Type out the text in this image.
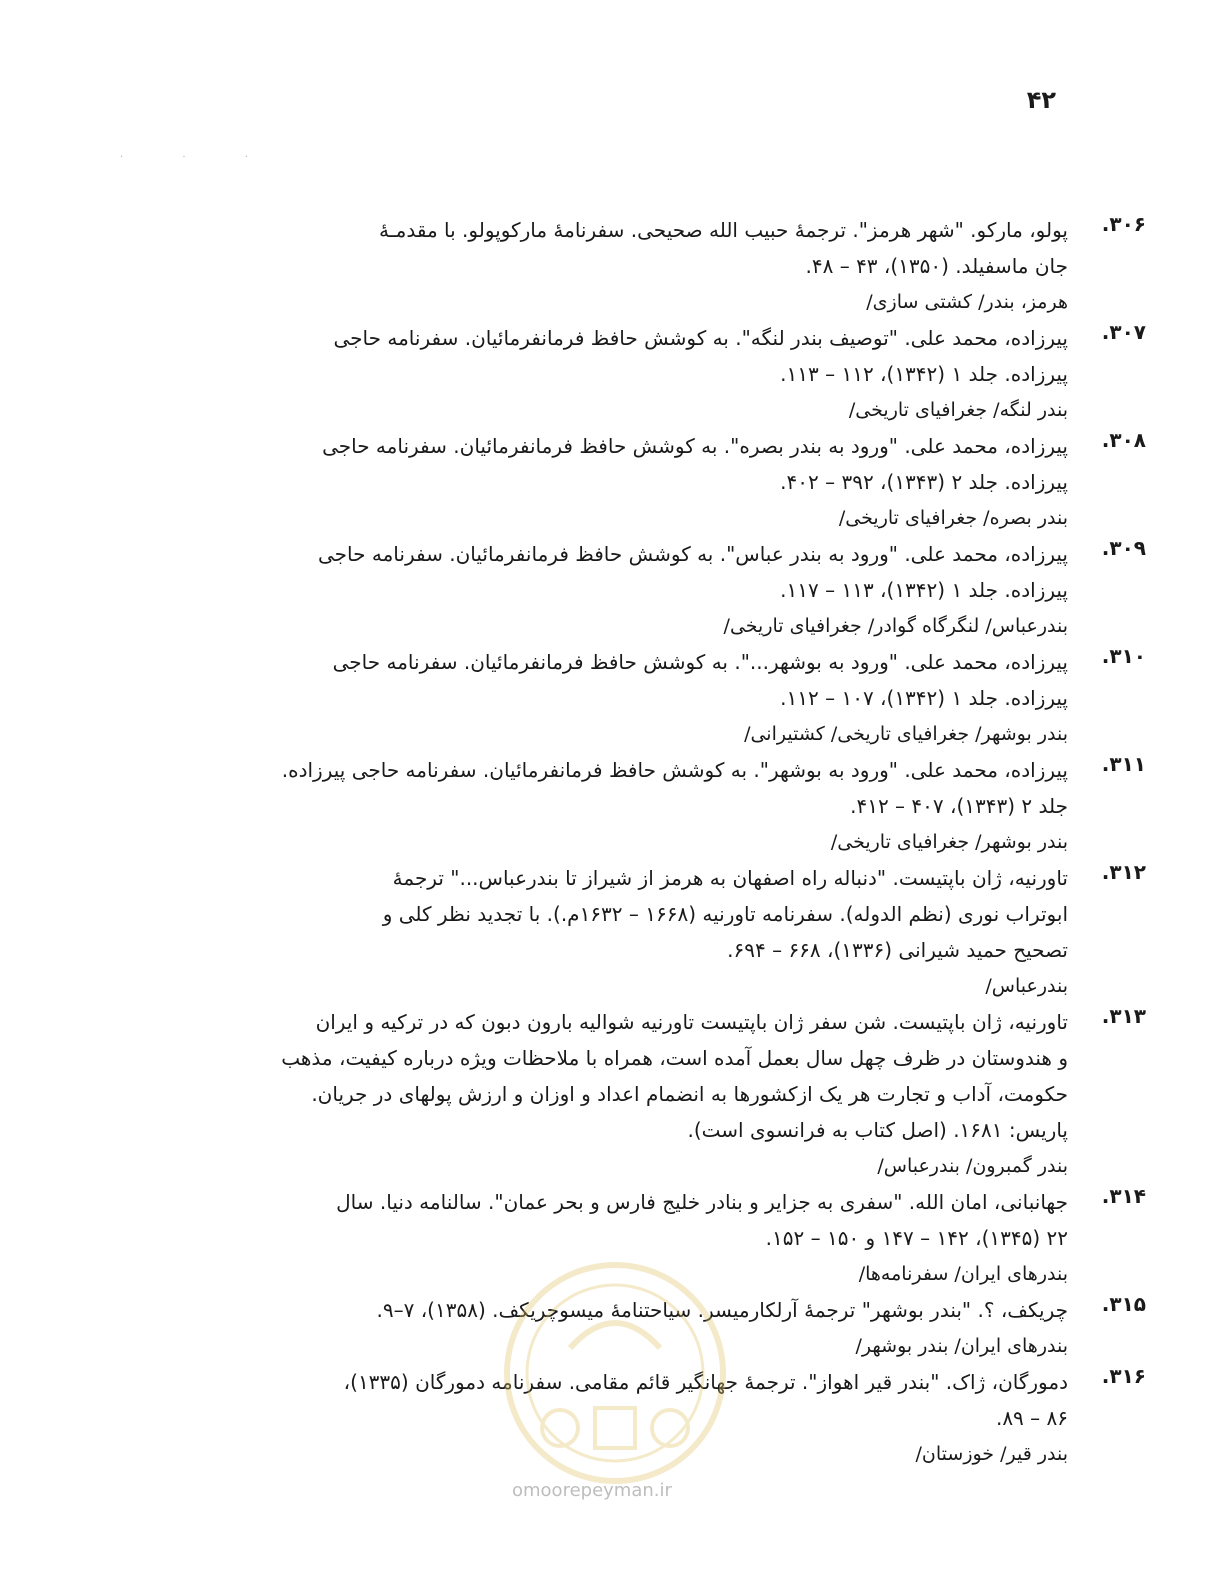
۴۲
· · ·
۳۰۶.
پولو، مارکو. "شهر هرمز". ترجمهٔ حبیب الله صحیحی. سفرنامهٔ مارکوپولو. با مقدمـهٔ
جان ماسفیلد. (۱۳۵۰)، ۴۳ – ۴۸.
هرمز، بندر/ کشتی سازی/
۳۰۷.
پیرزاده، محمد علی. "توصیف بندر لنگه". به کوشش حافظ فرمانفرمائیان. سفرنامه حاجی
پیرزاده. جلد ۱ (۱۳۴۲)، ۱۱۲ – ۱۱۳.
بندر لنگه/ جغرافیای تاریخی/
۳۰۸.
پیرزاده، محمد علی. "ورود به بندر بصره". به کوشش حافظ فرمانفرمائیان. سفرنامه حاجی
پیرزاده. جلد ۲ (۱۳۴۳)، ۳۹۲ – ۴۰۲.
بندر بصره/ جغرافیای تاریخی/
۳۰۹.
پیرزاده، محمد علی. "ورود به بندر عباس". به کوشش حافظ فرمانفرمائیان. سفرنامه حاجی
پیرزاده. جلد ۱ (۱۳۴۲)، ۱۱۳ – ۱۱۷.
بندرعباس/ لنگرگاه گوادر/ جغرافیای تاریخی/
۳۱۰.
پیرزاده، محمد علی. "ورود به بوشهر...". به کوشش حافظ فرمانفرمائیان. سفرنامه حاجی
پیرزاده. جلد ۱ (۱۳۴۲)، ۱۰۷ – ۱۱۲.
بندر بوشهر/ جغرافیای تاریخی/ کشتیرانی/
۳۱۱.
پیرزاده، محمد علی. "ورود به بوشهر". به کوشش حافظ فرمانفرمائیان. سفرنامه حاجی پیرزاده.
جلد ۲ (۱۳۴۳)، ۴۰۷ – ۴۱۲.
بندر بوشهر/ جغرافیای تاریخی/
۳۱۲.
تاورنیه، ژان باپتیست. "دنباله راه اصفهان به هرمز از شیراز تا بندرعباس..." ترجمهٔ
ابوتراب نوری (نظم الدوله). سفرنامه تاورنیه (۱۶۶۸ – ۱۶۳۲م.). با تجدید نظر کلی و
تصحیح حمید شیرانی (۱۳۳۶)، ۶۶۸ – ۶۹۴.
بندرعباس/
۳۱۳.
تاورنیه، ژان باپتیست. شن سفر ژان باپتیست تاورنیه شوالیه بارون دبون که در ترکیه و ایران
و هندوستان در ظرف چهل سال بعمل آمده است، همراه با ملاحظات ویژه درباره کیفیت، مذهب
حکومت، آداب و تجارت هر یک ازکشورها به انضمام اعداد و اوزان و ارزش پولهای در جریان.
پاریس: ۱۶۸۱. (اصل کتاب به فرانسوی است).
بندر گمبرون/ بندرعباس/
۳۱۴.
جهانبانی، امان الله. "سفری به جزایر و بنادر خلیج فارس و بحر عمان". سالنامه دنیا. سال
۲۲ (۱۳۴۵)، ۱۴۲ – ۱۴۷ و ۱۵۰ – ۱۵۲.
بندرهای ایران/ سفرنامه‌ها/
۳۱۵.
چریکف، ؟. "بندر بوشهر" ترجمهٔ آرلکارمیسر. سیاحتنامهٔ میسوچریکف. (۱۳۵۸)، ۷–۹.
بندرهای ایران/ بندر بوشهر/
۳۱۶.
دمورگان، ژاک. "بندر قیر اهواز". ترجمهٔ جهانگیر قائم مقامی. سفرنامه دمورگان (۱۳۳۵)،
۸۶ – ۸۹.
بندر قیر/ خوزستان/
omoorepeyman.ir
